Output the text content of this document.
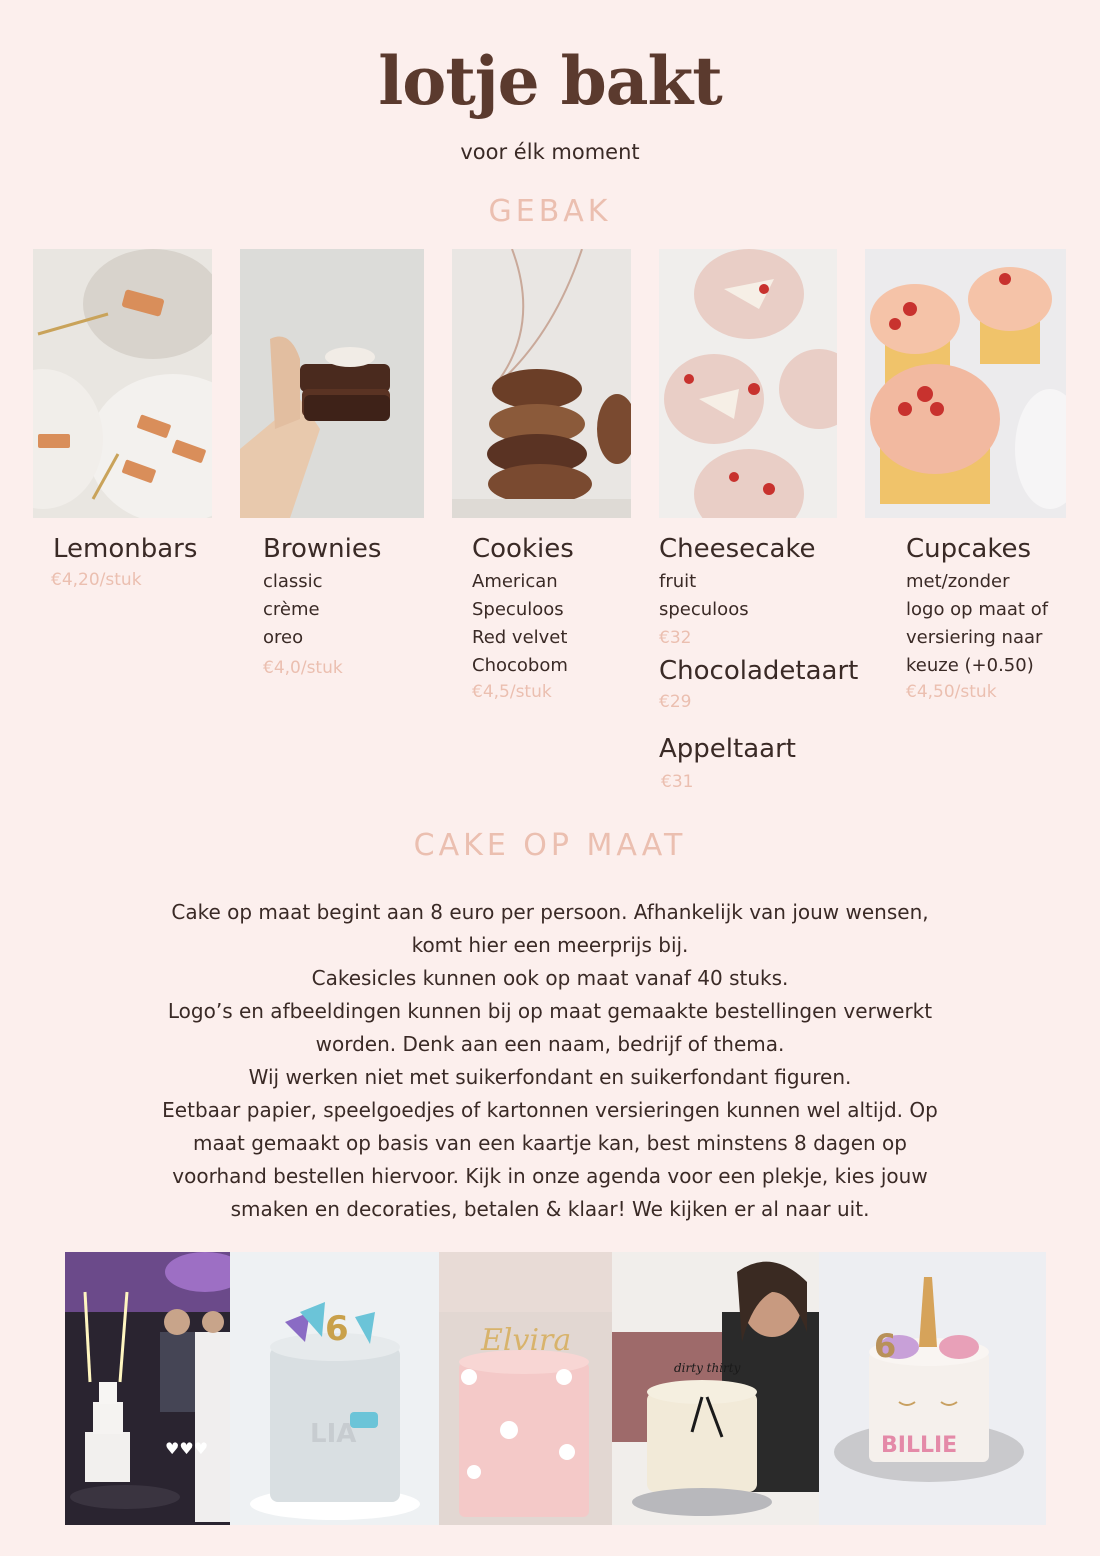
lotje bakt
voor élk moment
GEBAK
Lemonbars
€4,20/stuk
Brownies
classic
crème
oreo
€4,0/stuk
Cookies
American
Speculoos
Red velvet
Chocobom
€4,5/stuk
Cheesecake
fruit
speculoos
€32
Chocoladetaart
€29
Appeltaart
€31
Cupcakes
met/zonder
logo op maat of
versiering naar
keuze (+0.50)
€4,50/stuk
CAKE OP MAAT
Cake op maat begint aan 8 euro per persoon. Afhankelijk van jouw wensen,
komt hier een meerprijs bij.
Cakesicles kunnen ook op maat vanaf 40 stuks.
Logo’s en afbeeldingen kunnen bij op maat gemaakte bestellingen verwerkt
worden. Denk aan een naam, bedrijf of thema.
Wij werken niet met suikerfondant en suikerfondant figuren.
Eetbaar papier, speelgoedjes of kartonnen versieringen kunnen wel altijd. Op
maat gemaakt op basis van een kaartje kan, best minstens 8 dagen op
voorhand bestellen hiervoor. Kijk in onze agenda voor een plekje, kies jouw
smaken en decoraties, betalen & klaar! We kijken er al naar uit.
♥♥♥
6
LIA
Elvira
dirty thirty
6
BILLIE
